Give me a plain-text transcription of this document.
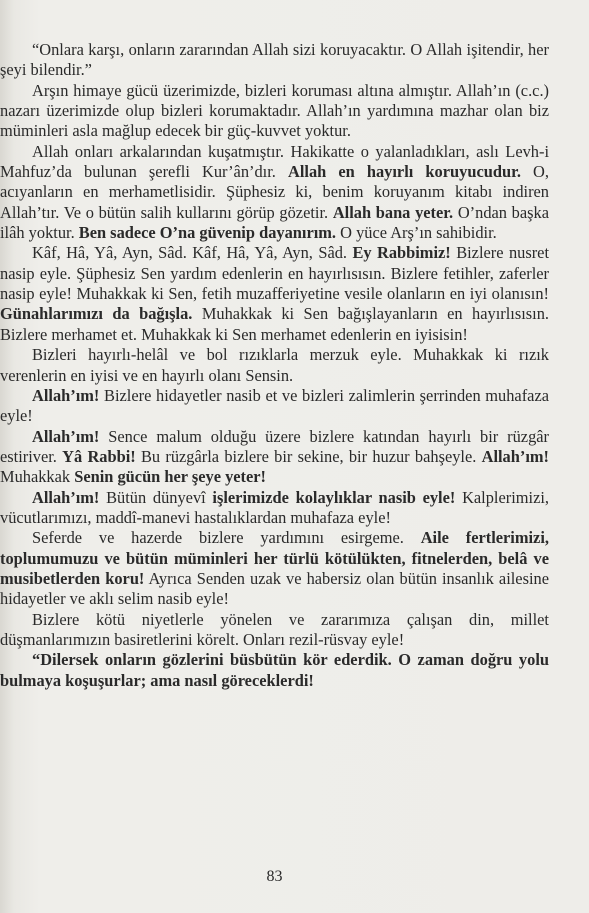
“Onlara karşı, onların zararından Allah sizi koruyacaktır. O Allah işitendir, her şeyi bilendir.”

Arşın himaye gücü üzerimizde, bizleri koruması altına almıştır. Allah’ın (c.c.) nazarı üzerimizde olup bizleri korumaktadır. Allah’ın yardımına mazhar olan biz müminleri asla mağlup edecek bir güç-kuvvet yoktur.

Allah onları arkalarından kuşatmıştır. Hakikatte o yalanladıkları, aslı Levh-i Mahfuz’da bulunan şerefli Kur’ân’dır. Allah en hayırlı koruyucudur. O, acıyanların en merhametlisidir. Şüphesiz ki, benim koruyanım kitabı indiren Allah’tır. Ve o bütün salih kullarını görüp gözetir. Allah bana yeter. O’ndan başka ilâh yoktur. Ben sadece O’na güvenip dayanırım. O yüce Arş’ın sahibidir.

Kâf, Hâ, Yâ, Ayn, Sâd. Kâf, Hâ, Yâ, Ayn, Sâd. Ey Rabbimiz! Bizlere nusret nasip eyle. Şüphesiz Sen yardım edenlerin en hayırlısısın. Bizlere fetihler, zaferler nasip eyle! Muhakkak ki Sen, fetih muzafferiyetine vesile olanların en iyi olanısın! Günahlarımızı da bağışla. Muhakkak ki Sen bağışlayanların en hayırlısısın. Bizlere merhamet et. Muhakkak ki Sen merhamet edenlerin en iyisisin!

Bizleri hayırlı-helâl ve bol rızıklarla merzuk eyle. Muhakkak ki rızık verenlerin en iyisi ve en hayırlı olanı Sensin.

Allah’ım! Bizlere hidayetler nasib et ve bizleri zalimlerin şerrinden muhafaza eyle!

Allah’ım! Sence malum olduğu üzere bizlere katından hayırlı bir rüzgâr estiriver. Yâ Rabbi! Bu rüzgârla bizlere bir sekine, bir huzur bahşeyle. Allah’ım! Muhakkak Senin gücün her şeye yeter!

Allah’ım! Bütün dünyevî işlerimizde kolaylıklar nasib eyle! Kalplerimizi, vücutlarımızı, maddî-manevi hastalıklardan muhafaza eyle!

Seferde ve hazerde bizlere yardımını esirgeme. Aile fertlerimizi, toplumumuzu ve bütün müminleri her türlü kötülükten, fitnelerden, belâ ve musibetlerden koru! Ayrıca Senden uzak ve habersiz olan bütün insanlık ailesine hidayetler ve aklı selim nasib eyle!

Bizlere kötü niyetlerle yönelen ve zararımıza çalışan din, millet düşmanlarımızın basiretlerini körelt. Onları rezil-rüsvay eyle!

“Dilersek onların gözlerini büsbütün kör ederdik. O zaman doğru yolu bulmaya koşuşurlar; ama nasıl göreceklerdi!

83
